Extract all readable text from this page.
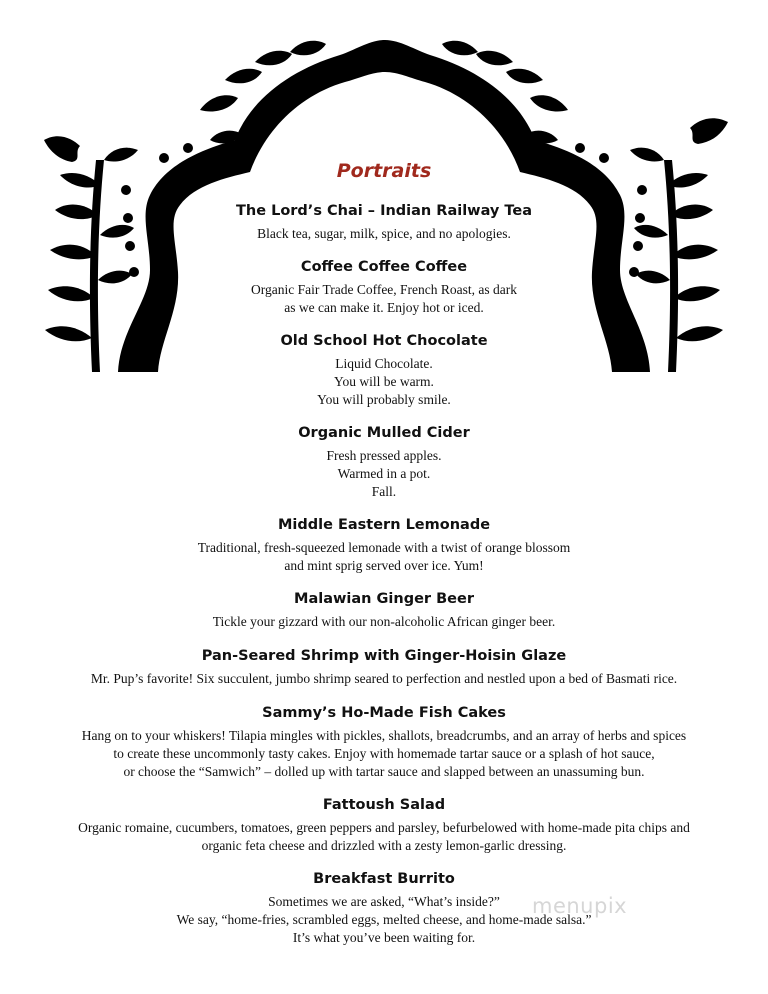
Portraits
The Lord’s Chai – Indian Railway Tea
Black tea, sugar, milk, spice, and no apologies.
Coffee Coffee Coffee
Organic Fair Trade Coffee, French Roast, as dark
as we can make it. Enjoy hot or iced.
Old School Hot Chocolate
Liquid Chocolate.
You will be warm.
You will probably smile.
Organic Mulled Cider
Fresh pressed apples.
Warmed in a pot.
Fall.
Middle Eastern Lemonade
Traditional, fresh-squeezed lemonade with a twist of orange blossom
and mint sprig served over ice. Yum!
Malawian Ginger Beer
Tickle your gizzard with our non-alcoholic African ginger beer.
Pan-Seared Shrimp with Ginger-Hoisin Glaze
Mr. Pup’s favorite! Six succulent, jumbo shrimp seared to perfection and nestled upon a bed of Basmati rice.
Sammy’s Ho-Made Fish Cakes
Hang on to your whiskers! Tilapia mingles with pickles, shallots, breadcrumbs, and an array of herbs and spices
to create these uncommonly tasty cakes. Enjoy with homemade tartar sauce or a splash of hot sauce,
or choose the “Samwich” – dolled up with tartar sauce and slapped between an unassuming bun.
Fattoush Salad
Organic romaine, cucumbers, tomatoes, green peppers and parsley, befurbelowed with home-made pita chips and
organic feta cheese and drizzled with a zesty lemon-garlic dressing.
Breakfast Burrito
Sometimes we are asked, “What’s inside?”
We say, “home-fries, scrambled eggs, melted cheese, and home-made salsa.”
It’s what you’ve been waiting for.
menupix
